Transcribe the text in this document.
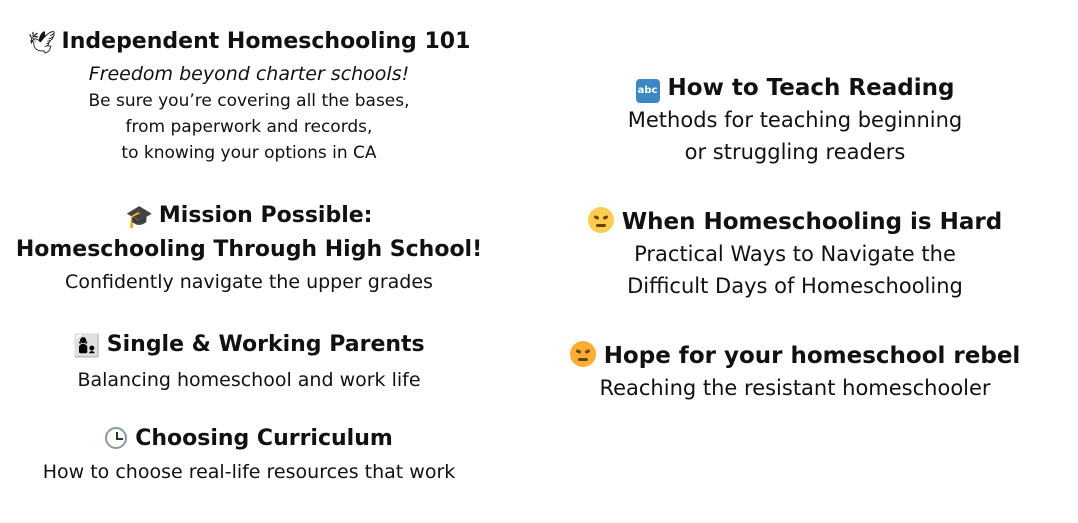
🕊 Independent Homeschooling 101
Freedom beyond charter schools!
Be sure you’re covering all the bases,
from paperwork and records,
to knowing your options in CA
🎓 Mission Possible:
Homeschooling Through High School!
Confidently navigate the upper grades
👩‍👦 Single & Working Parents
Balancing homeschool and work life
Choosing Curriculum
How to choose real-life resources that work
abc How to Teach Reading
Methods for teaching beginning
or struggling readers
When Homeschooling is Hard
Practical Ways to Navigate the
Difficult Days of Homeschooling
Hope for your homeschool rebel
Reaching the resistant homeschooler
